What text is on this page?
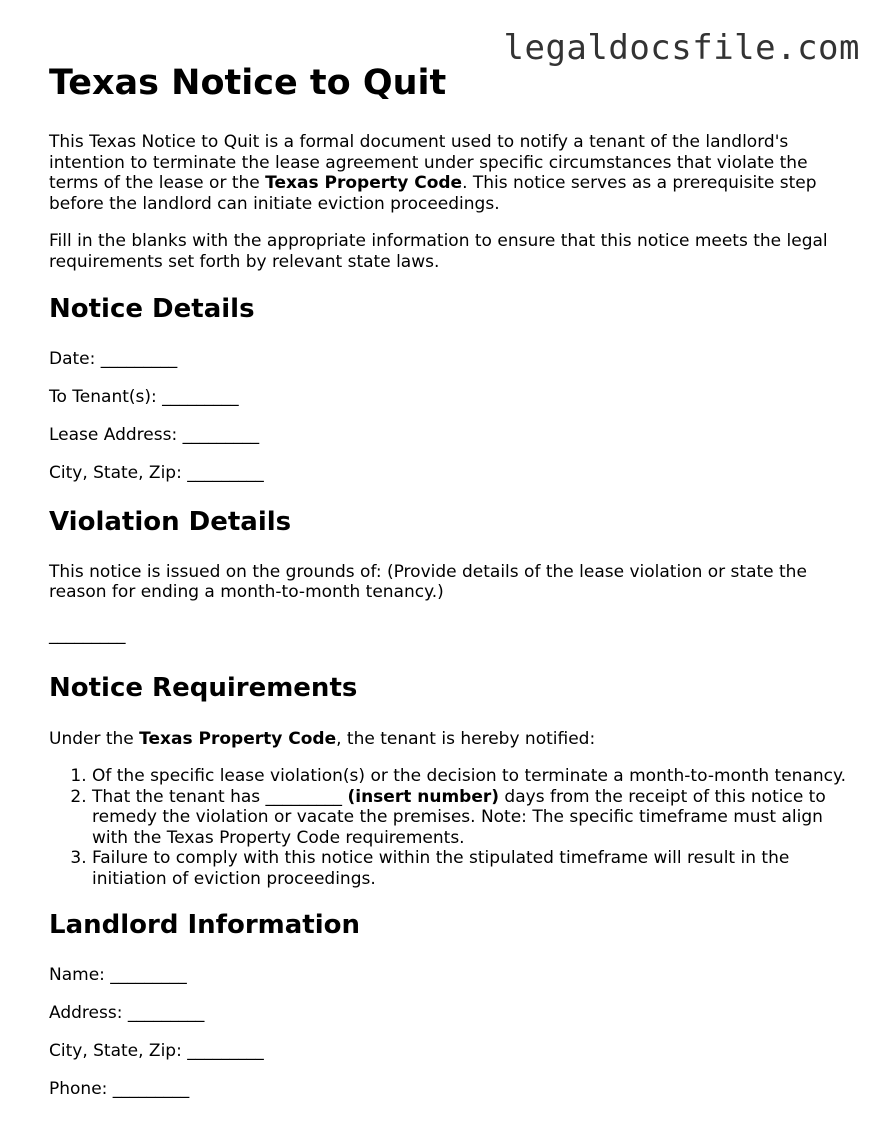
legaldocsfile.com
Texas Notice to Quit

This Texas Notice to Quit is a formal document used to notify a tenant of the landlord's intention to terminate the lease agreement under specific circumstances that violate the terms of the lease or the Texas Property Code. This notice serves as a prerequisite step before the landlord can initiate eviction proceedings.

Fill in the blanks with the appropriate information to ensure that this notice meets the legal requirements set forth by relevant state laws.

Notice Details
Date: _________
To Tenant(s): _________
Lease Address: _________
City, State, Zip: _________
Violation Details

This notice is issued on the grounds of: (Provide details of the lease violation or state the reason for ending a month-to-month tenancy.)

_________
Notice Requirements

Under the Texas Property Code, the tenant is hereby notified:

1. Of the specific lease violation(s) or the decision to terminate a month-to-month tenancy.
2. That the tenant has _________ (insert number) days from the receipt of this notice to remedy the violation or vacate the premises. Note: The specific timeframe must align with the Texas Property Code requirements.
3. Failure to comply with this notice within the stipulated timeframe will result in the initiation of eviction proceedings.
Landlord Information
Name: _________
Address: _________
City, State, Zip: _________
Phone: _________
